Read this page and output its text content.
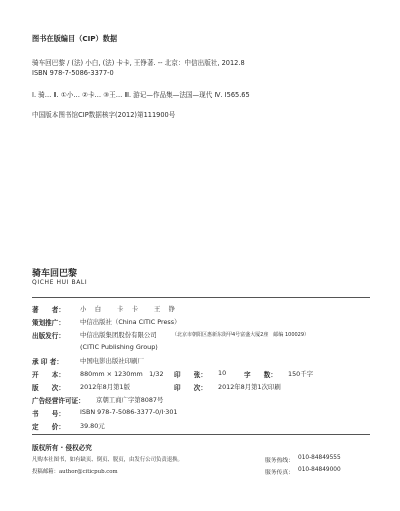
图书在版编目（CIP）数据
骑车回巴黎 / (法) 小白, (法) 卡卡, 王铮著. -- 北京：中信出版社, 2012.8
ISBN 978-7-5086-3377-0
Ⅰ. 骑… Ⅱ. ①小… ②卡… ③王… Ⅲ. 游记—作品集—法国—现代 Ⅳ. I565.65
中国版本图书馆CIP数据核字(2012)第111900号
骑车回巴黎
QICHE HUI BALI
著　　者： 小　白　　卡　卡　　王　铮
策划推广： 中信出版社（China CITIC Press）
出版发行： 中信出版集团股份有限公司	（北京市朝阳区惠新东街甲4号富盛大厦2座　邮编 100029）
(CITIC Publishing Group)
承 印 者：	中国电影出版社印刷厂
开　　本： 880mm × 1230mm　1/32 印　　张： 10	字　　数： 150千字
版　　次： 2012年8月第1版	印　　次： 2012年8月第1次印刷
广告经营许可证： 京朝工商广字第8087号
书　　号： ISBN 978-7-5086-3377-0/I·301
定　　价： 39.80元
版权所有 · 侵权必究
凡购本社图书，如有缺页、倒页、脱页，由发行公司负责退换。	服务热线： 010-84849555
投稿邮箱：author@citicpub.com	服务传真： 010-84849000
